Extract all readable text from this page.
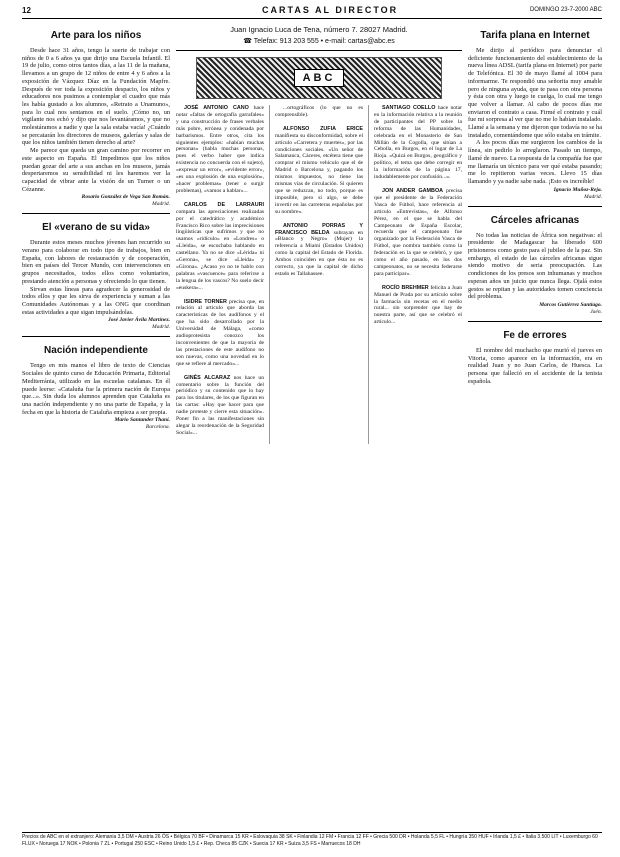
12	CARTAS AL DIRECTOR	DOMINGO 23-7-2000 ABC
Arte para los niños

Desde hace 31 años, tengo la suerte de trabajar con niños de 0 a 6 años ya que dirijo una Escuela Infantil. El 19 de julio, como otros tantos días, a las 11 de la mañana, llevamos a un grupo de 12 niños de entre 4 y 6 años a la exposición de Vázquez Díaz en la Fundación Mapfre. Después de ver toda la exposición despacio, los niños y educadores nos pusimos a contemplar el cuadro que más les había gustado a los alumnos, «Retrato a Unamuno», para lo cual nos sentamos en el suelo. ¡Cómo no, un vigilante nos echó y dijo que nos levantáramos, y que no molestáramos a nadie y que la sala estaba vacía! ¿Cuándo se percatarán los directores de museos, galerías y salas de que los niños también tienen derecho al arte?

Me parece que queda un gran camino por recorrer en este aspecto en España. El Impedimos que los niños puedan gozar del arte a sus anchas en los museos, jamás despertaremos su sensibilidad ni les haremos ver la capacidad de vibrar ante la visión de un Turner o un Cézanne.

Rosario González de Vega San Román.

Madrid.

El «verano de su vida»

Durante estos meses muchos jóvenes han recurrido su verano para colaborar en todo tipo de trabajos, bien en España, con labores de restauración y de cooperación, bien en países del Tercer Mundo, con intervenciones en grupos necesitados, todos ellos como voluntarios, prestando atención a personas y ofreciendo lo que tienen.

Sirvan estas líneas para agradecer la generosidad de todos ellos y que les sirva de experiencia y suman a las Comunidades Autónomas y a las ONG que coordinan estas actividades a que sigan impulsándolas.

José Javier Ávila Martínez.

Madrid.

Nación independiente

Tengo en mis manos el libro de texto de Ciencias Sociales de quinto curso de Educación Primaria, Editorial Mediterránia, utilizado en las escuelas catalanas. En él puede leerse: «Cataluña fue la primera nación de Europa que...». Sin duda los alumnos aprenden que Cataluña es una nación independiente y no una parte de España, y la fecha en que la historia de Cataluña empieza a ser propia.

Mario Santander Thaní.

Barcelona.

Juan Ignacio Luca de Tena, número 7. 28027 Madrid.
☎ Telefax: 913 203 555 • e-mail: cartas@abc.es
ABC

JOSÉ ANTONIO CANO hace notar «faltas de ortografía garrafales» y una construcción de frases verbales más pobre, errónea y condenada por barbarismos. Entre otros, cita los siguientes ejemplos: «habían muchas personas» (habla muchas personas, pues el verbo haber que indica existencia no concuerda con el sujeto), «expresar un error», «evidente error», «es una explosión de una explosión», «hacer problemas» (tener o surgir problemas), «vamos a hablar»...

CARLOS DE LARRAURI compara las apreciaciones realizadas por el catedrático y académico Francisco Rico sobre las imprecisiones lingüísticas que sufrimos y que no usamos «ridículo» en «Londres» o «Lleida», se escuchaba hablando en castellano. Ya no se dice «Lérida» ni «Gerona», se dice «Lleida» y «Girona». ¿Acaso yo no te hablo con palabras «vascuence» para referirse a la lengua de los vascos? No suelo decir «euskera»...

ISIDRE TORNER precisa que, en relación al artículo que aborda las características de los audífonos y el que ha sido desarrollado por la Universidad de Málaga, «como audioprotesista conozco los inconvenientes de que la mayoría de las prestaciones de este audífono no son nuevas, como una novedad en lo que se refiere al mercado»...

GINÉS ALCARAZ nos hace un comentario sobre la función del periódico y su contenido que lo hay para los titulares, de los que figuran en las cartas: «Hay que hacer para que nadie proteste y cierre esta situación». Poner fin a las manifestaciones sin alegar la reordenación de la Seguridad Social»...

...ortográficos (lo que no es comprensible).

ALFONSO ZUFIA ERICE manifiesta su disconformidad, sobre el artículo «Carretera y muertes», por las condiciones sociales. «Un señor de Salamanca, Cáceres, etcétera tiene que comprar el mismo vehículo que el de Madrid o Barcelona y, pagando los mismos impuestos, no tiene las mismas vías de circulación. Si quieren que se reduzcan, no todo, porque es imposible, pero sí algo, se debe invertir en las carreteras españolas por su nombre».

ANTONIO PORRAS Y FRANCISCO BELDA subrayan en «Blanco y Negro» (Mujer) la referencia a Miami (Estados Unidos) como la capital del Estado de Florida. Ambos coinciden en que ésta no es correcto, ya que la capital de dicho estado es Tallahassee.

SANTIAGO COELLO hace notar en la información relativa a la reunión de participantes del PP sobre la reforma de las Humanidades, celebrada en el Monasterio de San Millán de la Cogolla, que sitúan a Cebolla, en Burgos, en el lugar de La Rioja. «Quizá en Burgos, geográfico y político, el tema que debe corregir en la información de la página 17, indudablemente por confusión...».

JON ANDER GAMBOA precisa que el presidente de la Federación Vasca de Fútbol, hace referencia al artículo «Entrevistas», de Alfonso Pérez, en el que se habla del Campeonato de España Escolar, recuerda que el campeonato fue organizado por la Federación Vasca de Fútbol, que nombra también como la federación en la que se celebró, y que como el año pasado, en los dos campeonatos, no se necesita federarse para participar».

ROCÍO BREHMER felicita a Juan Manuel de Prada por su artículo sobre la farmacia sin recetas en el medio rural... sin sorprender que hay de nuestra parte, así que se celebró el artículo...

Tarifa plana en Internet

Me dirijo al periódico para denunciar el deficiente funcionamiento del establecimiento de la nueva línea ADSL (tarifa plana en Internet) por parte de Telefónica. El 30 de mayo llamé al 1004 para informarme. Te respondió una señorita muy amable pero de ninguna ayuda, que te pasa con otra persona y ésta con otra y luego te cuelga, lo cual me tengo que volver a llamar. Al cabo de pocos días me enviaron el contrato a casa. Firmé el contrato y cuál fue mi sorpresa al ver que no me lo habían instalado. Llamé a la semana y me dijeron que todavía no se ha instalado, comentándome que sólo estaba en trámite.

A los pocos días me surgieron los cambios de la línea, sin pedirlo lo arreglaron. Pasado un tiempo, llamé de nuevo. La respuesta de la compañía fue que me llamaría un técnico para ver qué estaba pasando; me lo repitieron varias veces. Llevo 15 días llamando y ya nadie sabe nada. ¡Esto es increíble!

Ignacio Muñoz-Reja.

Madrid.

Cárceles africanas

No todas las noticias de África son negativas: el presidente de Madagascar ha liberado 600 prisioneros como gesto para el jubileo de la paz. Sin embargo, el estado de las cárceles africanas sigue siendo motivo de seria preocupación. Las condiciones de los presos son inhumanas y muchos esperan años un juicio que nunca llega. Ojalá estos gestos se repitan y las autoridades tomen conciencia del problema.

Marcos Gutiérrez Santiago.

Jaén.

Fe de errores

El nombre del muchacho que murió el jueves en Vitoria, como aparece en la información, era en realidad Juan y no Juan Carlos, de Huesca. La persona que falleció en el accidente de la tenista española.

Precios de ABC en el extranjero: Alemania 3,5 DM • Austria 26 ÖS • Bélgica 70 BF • Dinamarca 15 KR • Eslovaquia 38 SK • Finlandia 12 FM • Francia 12 FF • Grecia 500 DR • Holanda 5,5 FL • Hungría 350 HUF • Irlanda 1,5 £ • Italia 3.500 LIT • Luxemburgo 60 FLUX • Noruega 17 NOK • Polonia 7 ZL • Portugal 250 ESC • Reino Unido 1,5 £ • Rep. Checa 85 CZK • Suecia 17 KR • Suiza 3,5 FS • Marruecos 18 DH
